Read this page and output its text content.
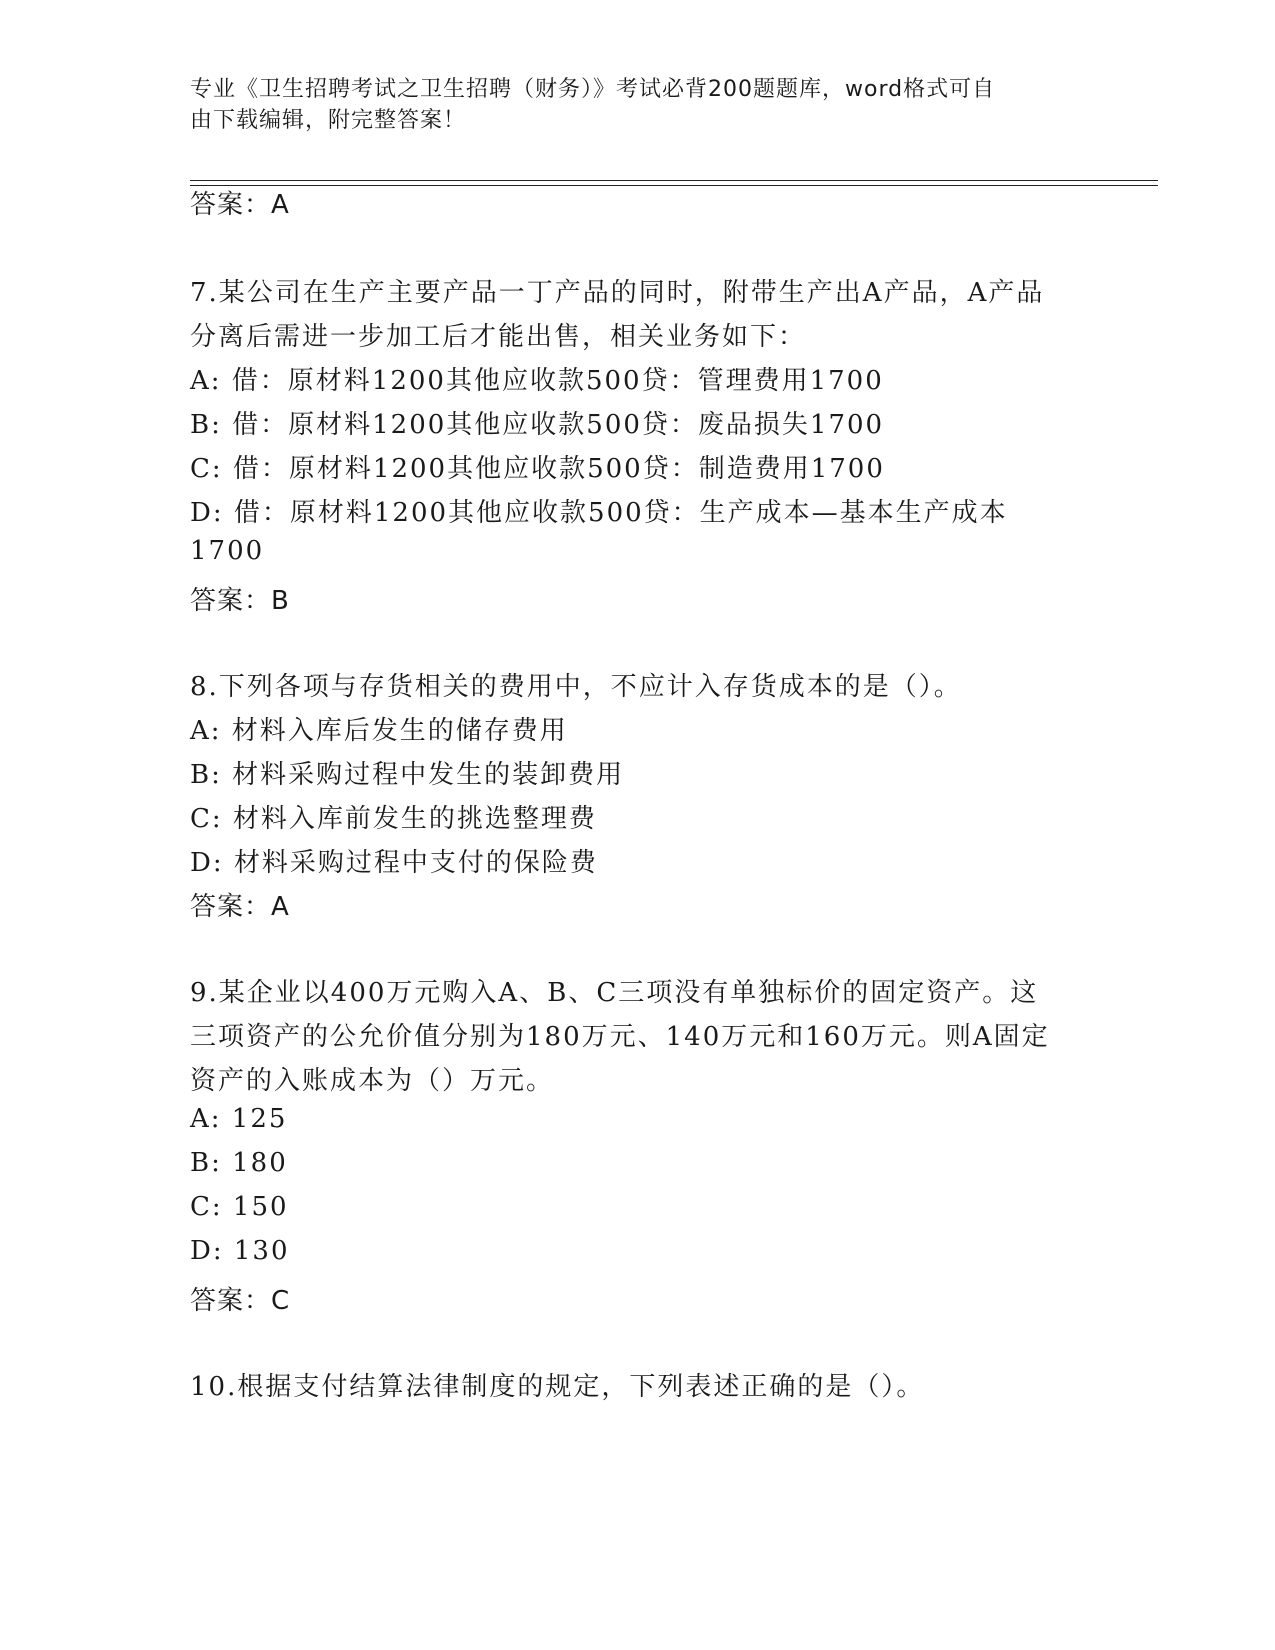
专业《卫生招聘考试之卫生招聘（财务）》考试必背200题题库，word格式可自
由下载编辑，附完整答案！
答案：A
7.某公司在生产主要产品一丁产品的同时，附带生产出A产品，A产品
分离后需进一步加工后才能出售，相关业务如下：
A: 借：原材料1200其他应收款500贷：管理费用1700
B: 借：原材料1200其他应收款500贷：废品损失1700
C: 借：原材料1200其他应收款500贷：制造费用1700
D: 借：原材料1200其他应收款500贷：生产成本—基本生产成本
1700
答案：B
8.下列各项与存货相关的费用中，不应计入存货成本的是（）。
A: 材料入库后发生的储存费用
B: 材料采购过程中发生的装卸费用
C: 材料入库前发生的挑选整理费
D: 材料采购过程中支付的保险费
答案：A
9.某企业以400万元购入A、B、C三项没有单独标价的固定资产。这
三项资产的公允价值分别为180万元、140万元和160万元。则A固定
资产的入账成本为（）万元。
A: 125
B: 180
C: 150
D: 130
答案：C
10.根据支付结算法律制度的规定，下列表述正确的是（）。
